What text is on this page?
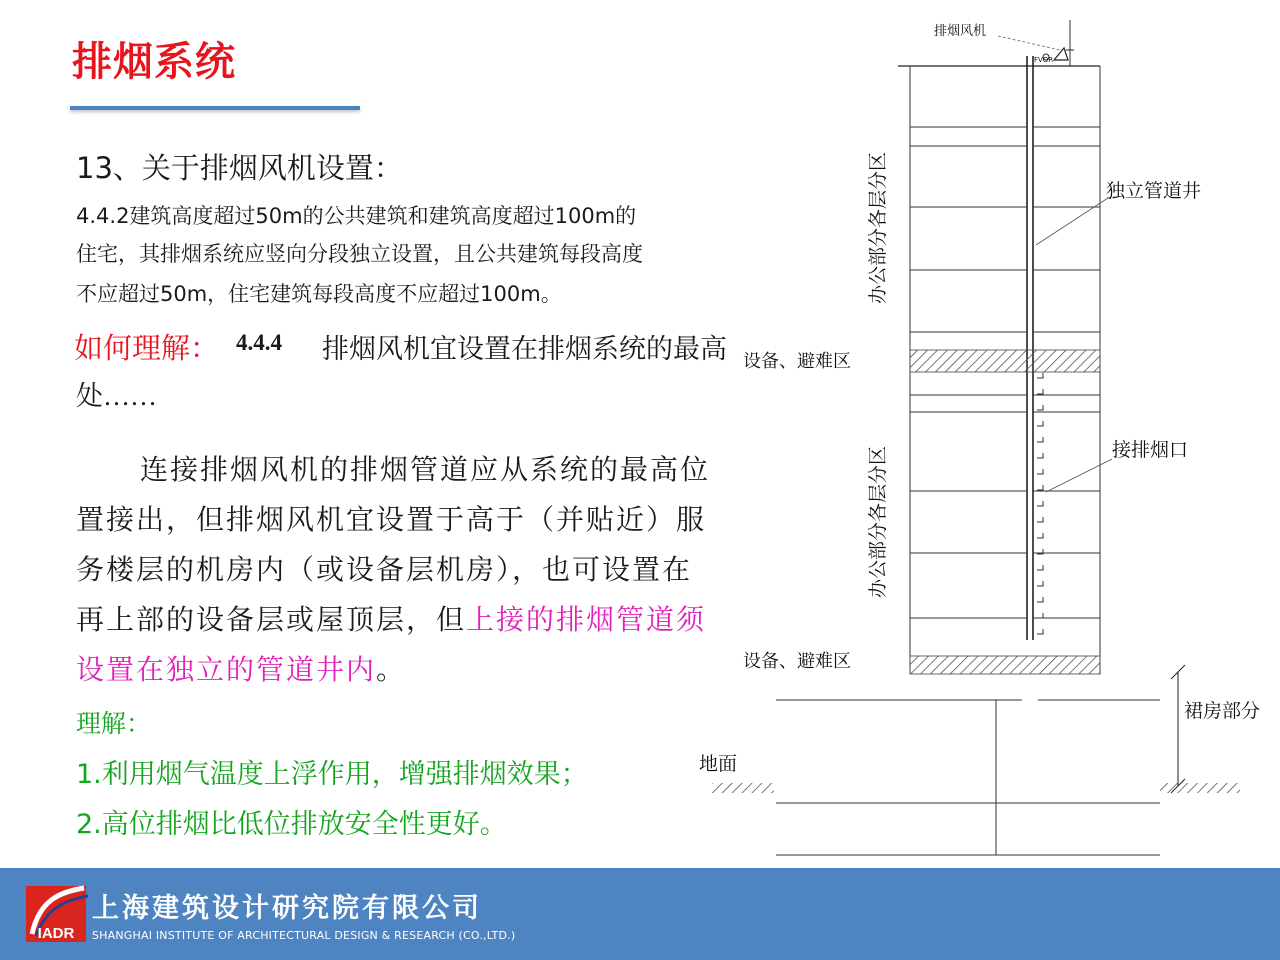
排烟系统
13、关于排烟风机设置：
4.4.2建筑高度超过50m的公共建筑和建筑高度超过100m的
住宅，其排烟系统应竖向分段独立设置，且公共建筑每段高度
不应超过50m，住宅建筑每段高度不应超过100m。
如何理解： 4.4.4 排烟风机宜设置在排烟系统的最高
处……
连接排烟风机的排烟管道应从系统的最高位
置接出，但排烟风机宜设置于高于（并贴近）服
务楼层的机房内（或设备层机房），也可设置在
再上部的设备层或屋顶层，但上接的排烟管道须
设置在独立的管道井内。
理解：
1.利用烟气温度上浮作用，增强排烟效果；
2.高位排烟比低位排放安全性更好。
排烟风机
FVOR
独立管道井
接排烟口
办公部分各层分区
办公部分各层分区
设备、避难区
设备、避难区
裙房部分
地面
IADR
上海建筑设计研究院有限公司
SHANGHAI INSTITUTE OF ARCHITECTURAL DESIGN & RESEARCH (CO.,LTD.)
